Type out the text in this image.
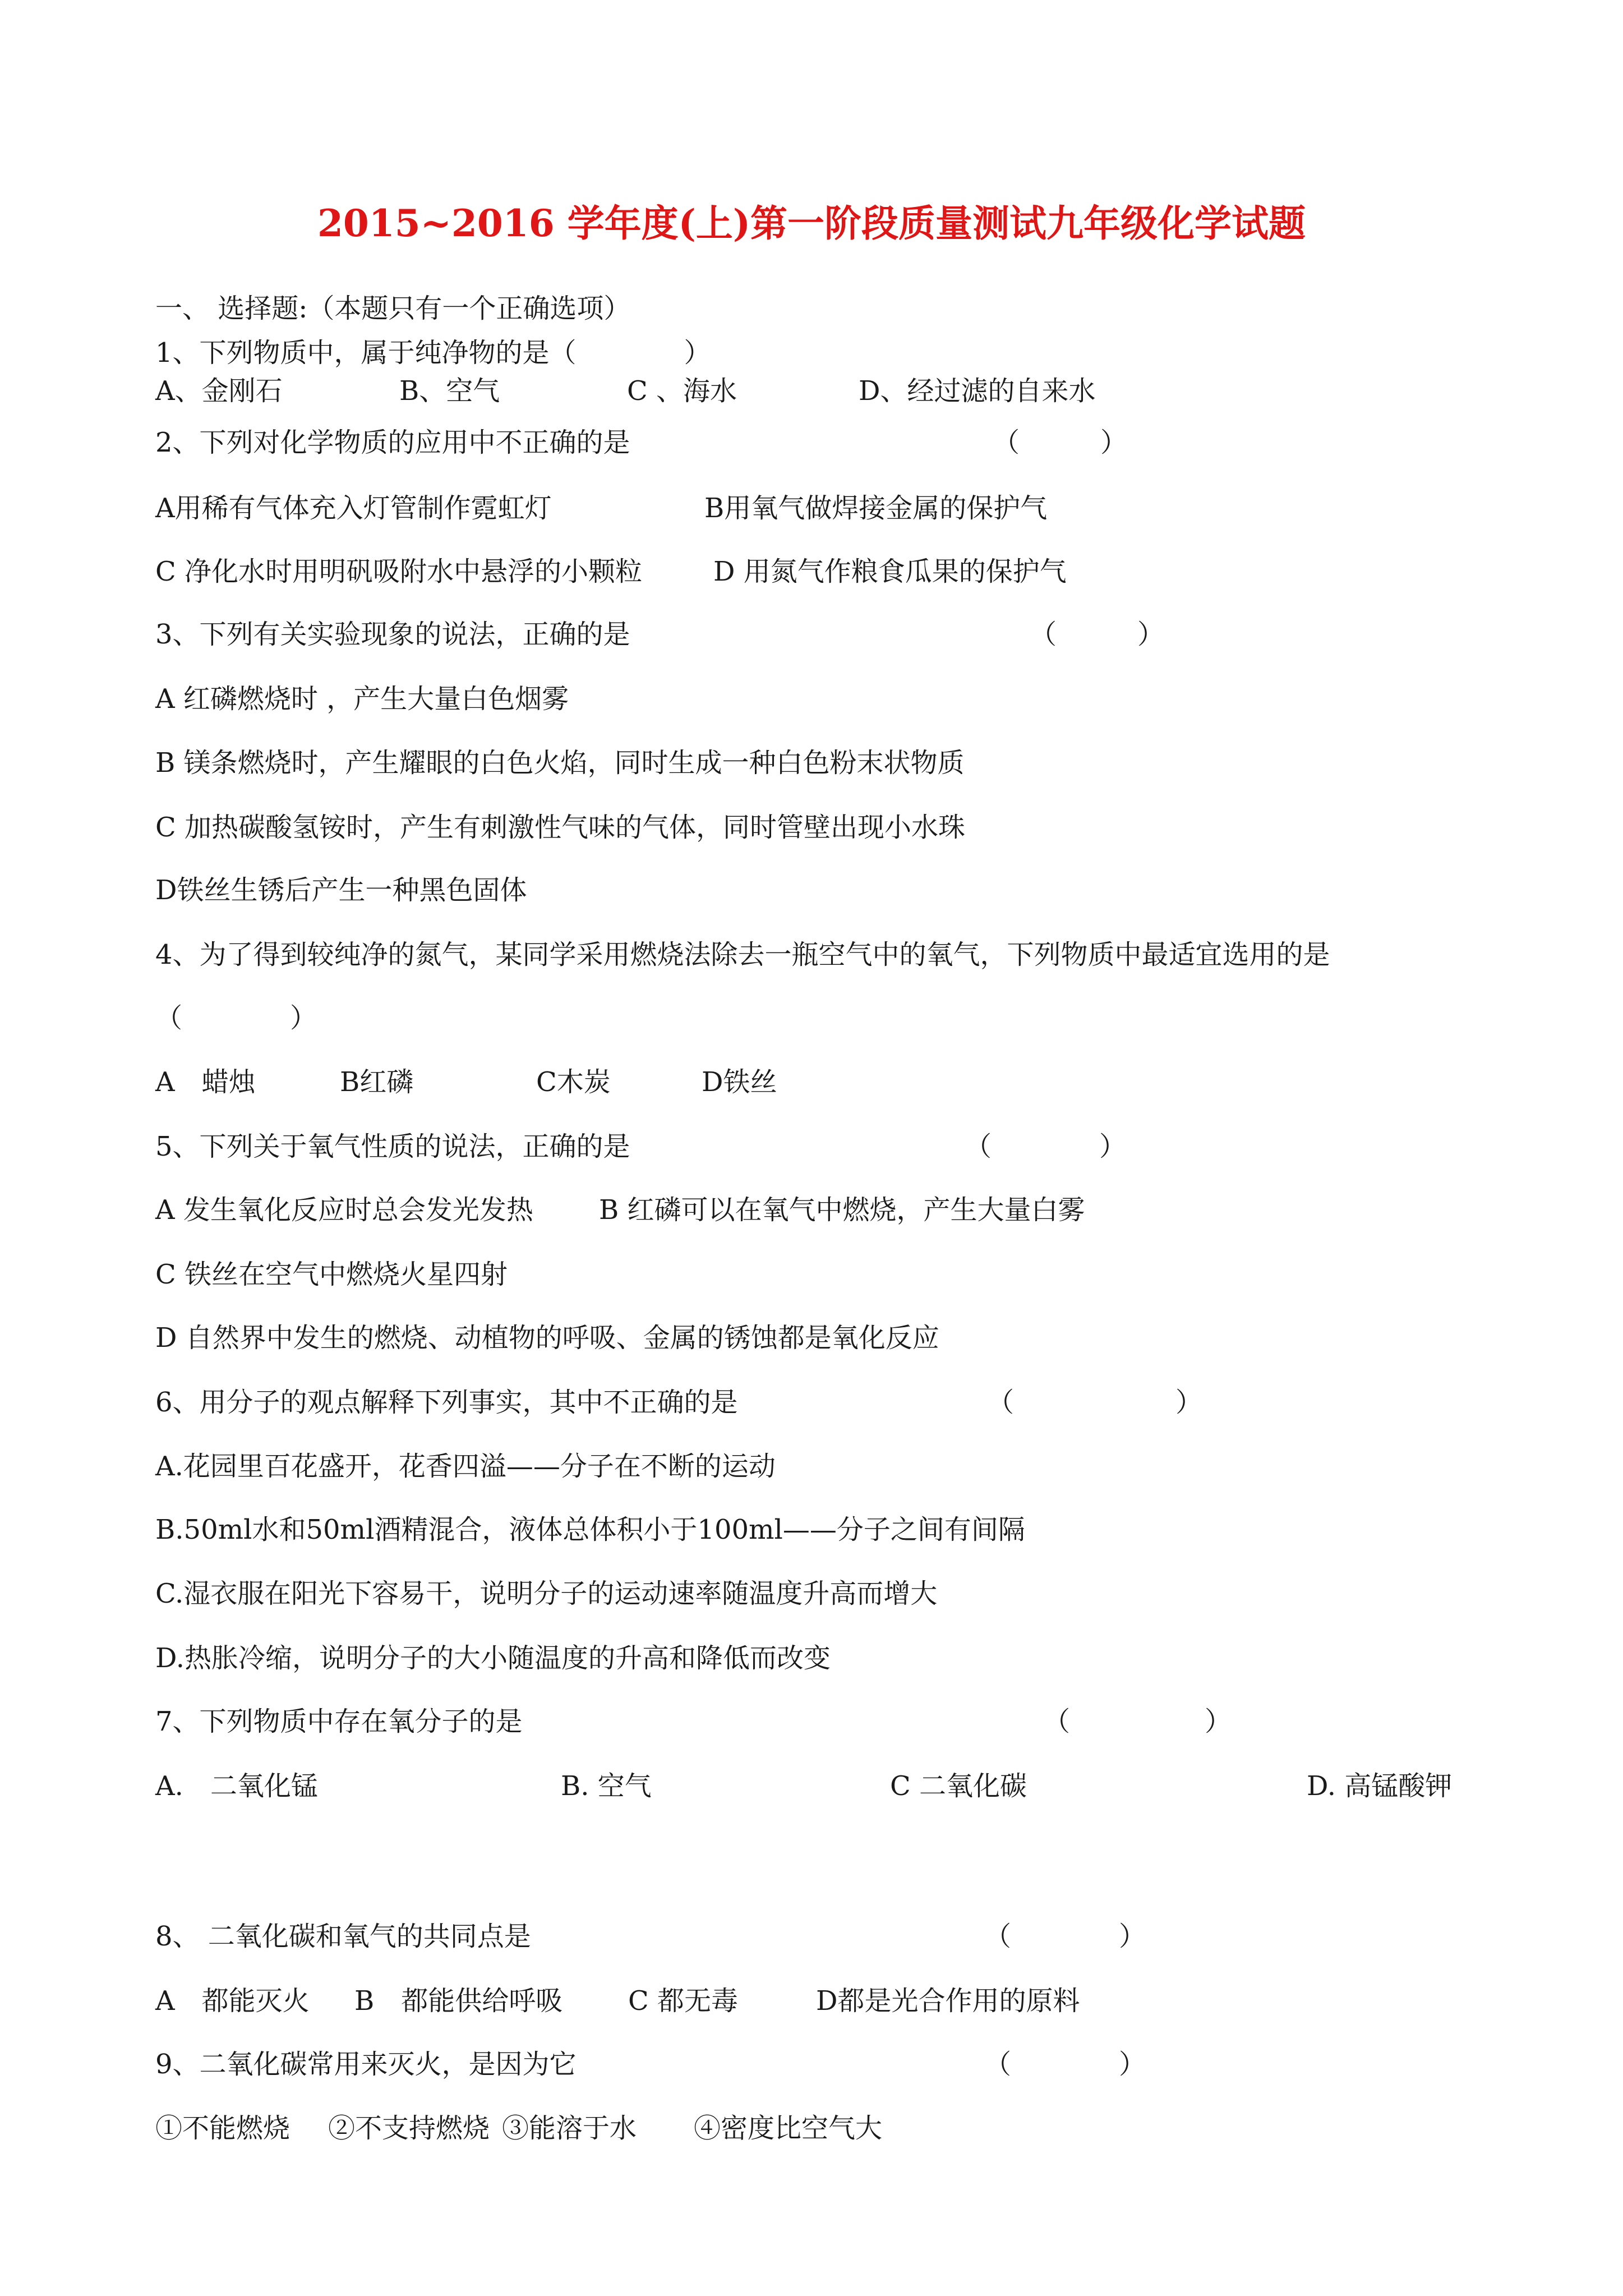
2015~2016 学年度(上)第一阶段质量测试九年级化学试题
一、 选择题:（本题只有一个正确选项）
1、下列物质中，属于纯净物的是（　　　　）
A、金刚石	B、空气	C 、海水	D、经过滤的自来水
2、下列对化学物质的应用中不正确的是	（　　　）
A用稀有气体充入灯管制作霓虹灯	B用氧气做焊接金属的保护气
C 净化水时用明矾吸附水中悬浮的小颗粒	D 用氮气作粮食瓜果的保护气
3、下列有关实验现象的说法，正确的是	（　　　）
A 红磷燃烧时 ，产生大量白色烟雾
B 镁条燃烧时，产生耀眼的白色火焰，同时生成一种白色粉末状物质
C 加热碳酸氢铵时，产生有刺激性气味的气体，同时管壁出现小水珠
D铁丝生锈后产生一种黑色固体
4、为了得到较纯净的氮气，某同学采用燃烧法除去一瓶空气中的氧气，下列物质中最适宜选用的是
（　　　　）
A　蜡烛	B红磷	C木炭	D铁丝
5、下列关于氧气性质的说法，正确的是	（　　　　）
A 发生氧化反应时总会发光发热 B 红磷可以在氧气中燃烧，产生大量白雾
C 铁丝在空气中燃烧火星四射
D 自然界中发生的燃烧、动植物的呼吸、金属的锈蚀都是氧化反应
6、用分子的观点解释下列事实，其中不正确的是	（　　　　　　）
A.花园里百花盛开，花香四溢——分子在不断的运动
B.50ml水和50ml酒精混合，液体总体积小于100ml——分子之间有间隔
C.湿衣服在阳光下容易干，说明分子的运动速率随温度升高而增大
D.热胀冷缩，说明分子的大小随温度的升高和降低而改变
7、下列物质中存在氧分子的是	（　　　　　）
A.　二氧化锰	B. 空气	C 二氧化碳	D. 高锰酸钾
8、 二氧化碳和氧气的共同点是	（　　　　）
A　都能灭火 B　都能供给呼吸 C 都无毒	D都是光合作用的原料
9、二氧化碳常用来灭火，是因为它	（　　　　）
①不能燃烧 ②不支持燃烧 ③能溶于水 ④密度比空气大
